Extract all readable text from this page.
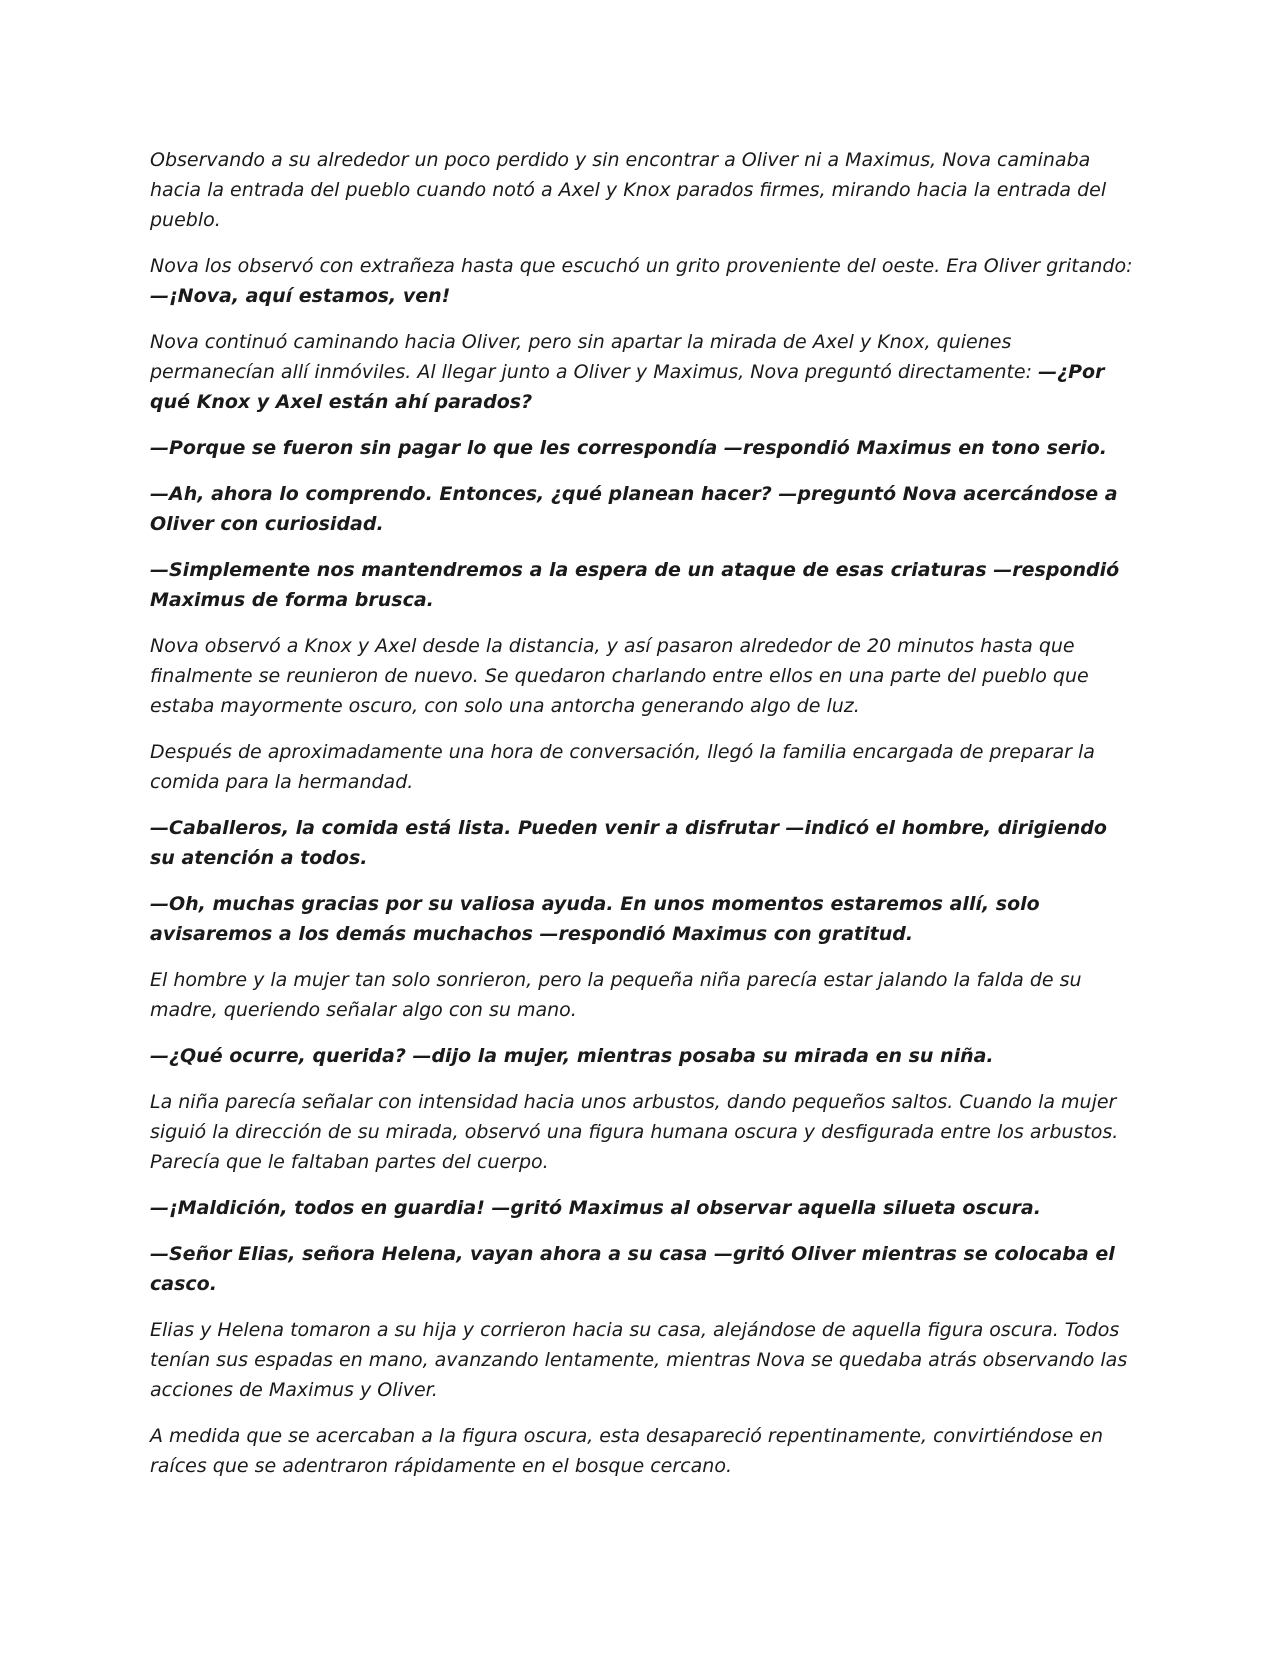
Observando a su alrededor un poco perdido y sin encontrar a Oliver ni a Maximus, Nova caminaba hacia la entrada del pueblo cuando notó a Axel y Knox parados firmes, mirando hacia la entrada del pueblo.

Nova los observó con extrañeza hasta que escuchó un grito proveniente del oeste. Era Oliver gritando: —¡Nova, aquí estamos, ven!

Nova continuó caminando hacia Oliver, pero sin apartar la mirada de Axel y Knox, quienes permanecían allí inmóviles. Al llegar junto a Oliver y Maximus, Nova preguntó directamente: —¿Por qué Knox y Axel están ahí parados?

—Porque se fueron sin pagar lo que les correspondía —respondió Maximus en tono serio.

—Ah, ahora lo comprendo. Entonces, ¿qué planean hacer? —preguntó Nova acercándose a Oliver con curiosidad.

—Simplemente nos mantendremos a la espera de un ataque de esas criaturas —respondió Maximus de forma brusca.

Nova observó a Knox y Axel desde la distancia, y así pasaron alrededor de 20 minutos hasta que finalmente se reunieron de nuevo. Se quedaron charlando entre ellos en una parte del pueblo que estaba mayormente oscuro, con solo una antorcha generando algo de luz.

Después de aproximadamente una hora de conversación, llegó la familia encargada de preparar la comida para la hermandad.

—Caballeros, la comida está lista. Pueden venir a disfrutar —indicó el hombre, dirigiendo su atención a todos.

—Oh, muchas gracias por su valiosa ayuda. En unos momentos estaremos allí, solo avisaremos a los demás muchachos —respondió Maximus con gratitud.

El hombre y la mujer tan solo sonrieron, pero la pequeña niña parecía estar jalando la falda de su madre, queriendo señalar algo con su mano.

—¿Qué ocurre, querida? —dijo la mujer, mientras posaba su mirada en su niña.

La niña parecía señalar con intensidad hacia unos arbustos, dando pequeños saltos. Cuando la mujer siguió la dirección de su mirada, observó una figura humana oscura y desfigurada entre los arbustos. Parecía que le faltaban partes del cuerpo.

—¡Maldición, todos en guardia! —gritó Maximus al observar aquella silueta oscura.

—Señor Elias, señora Helena, vayan ahora a su casa —gritó Oliver mientras se colocaba el casco.

Elias y Helena tomaron a su hija y corrieron hacia su casa, alejándose de aquella figura oscura. Todos tenían sus espadas en mano, avanzando lentamente, mientras Nova se quedaba atrás observando las acciones de Maximus y Oliver.

A medida que se acercaban a la figura oscura, esta desapareció repentinamente, convirtiéndose en raíces que se adentraron rápidamente en el bosque cercano.
